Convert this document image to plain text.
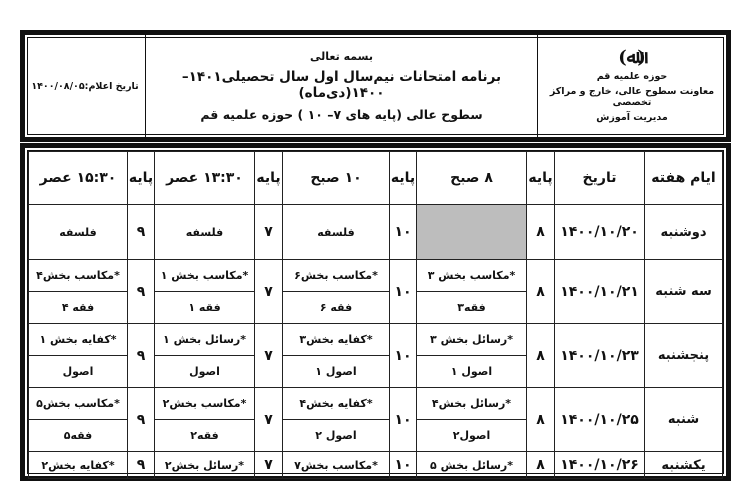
تاریخ اعلام:۱۴۰۰/۰۸/۰۵
بسمه تعالی
برنامه امتحانات نیم‌سال اول سال تحصیلی۱۴۰۱–۱۴۰۰(دی‌ماه)
سطوح عالی (پایه های ۷– ۱۰ ) حوزه علمیه قم
(ﷲ)
حوزه علمیه قم
معاونت سطوح عالی، خارج و مراکز تخصصی
مدیریت آموزش
ایام هفته	تاریخ	پایه	۸ صبح	پایه	۱۰ صبح	پایه	۱۳:۳۰ عصر	پایه	۱۵:۳۰ عصر
دوشنبه	۱۴۰۰/۱۰/۲۰	۸		۱۰	فلسفه	۷	فلسفه	۹	فلسفه
سه شنبه	۱۴۰۰/۱۰/۲۱	۸	*مکاسب بخش ۳	۱۰	*مکاسب بخش۶	۷	*مکاسب بخش ۱	۹	*مکاسب بخش۴
			فقه۳		فقه ۶		فقه ۱		فقه ۴
پنجشنبه	۱۴۰۰/۱۰/۲۳	۸	*رسائل بخش ۳	۱۰	*کفایه بخش۳	۷	*رسائل بخش ۱	۹	*کفایه بخش ۱
			اصول ۱		اصول ۱		اصول		اصول
شنبه	۱۴۰۰/۱۰/۲۵	۸	*رسائل بخش۴	۱۰	*کفایه بخش۴	۷	*مکاسب بخش۲	۹	*مکاسب بخش۵
			اصول۲		اصول ۲		فقه۲		فقه۵
یکشنبه	۱۴۰۰/۱۰/۲۶	۸	*رسائل بخش ۵	۱۰	*مکاسب بخش۷	۷	*رسائل بخش۲	۹	*کفایه بخش۲
